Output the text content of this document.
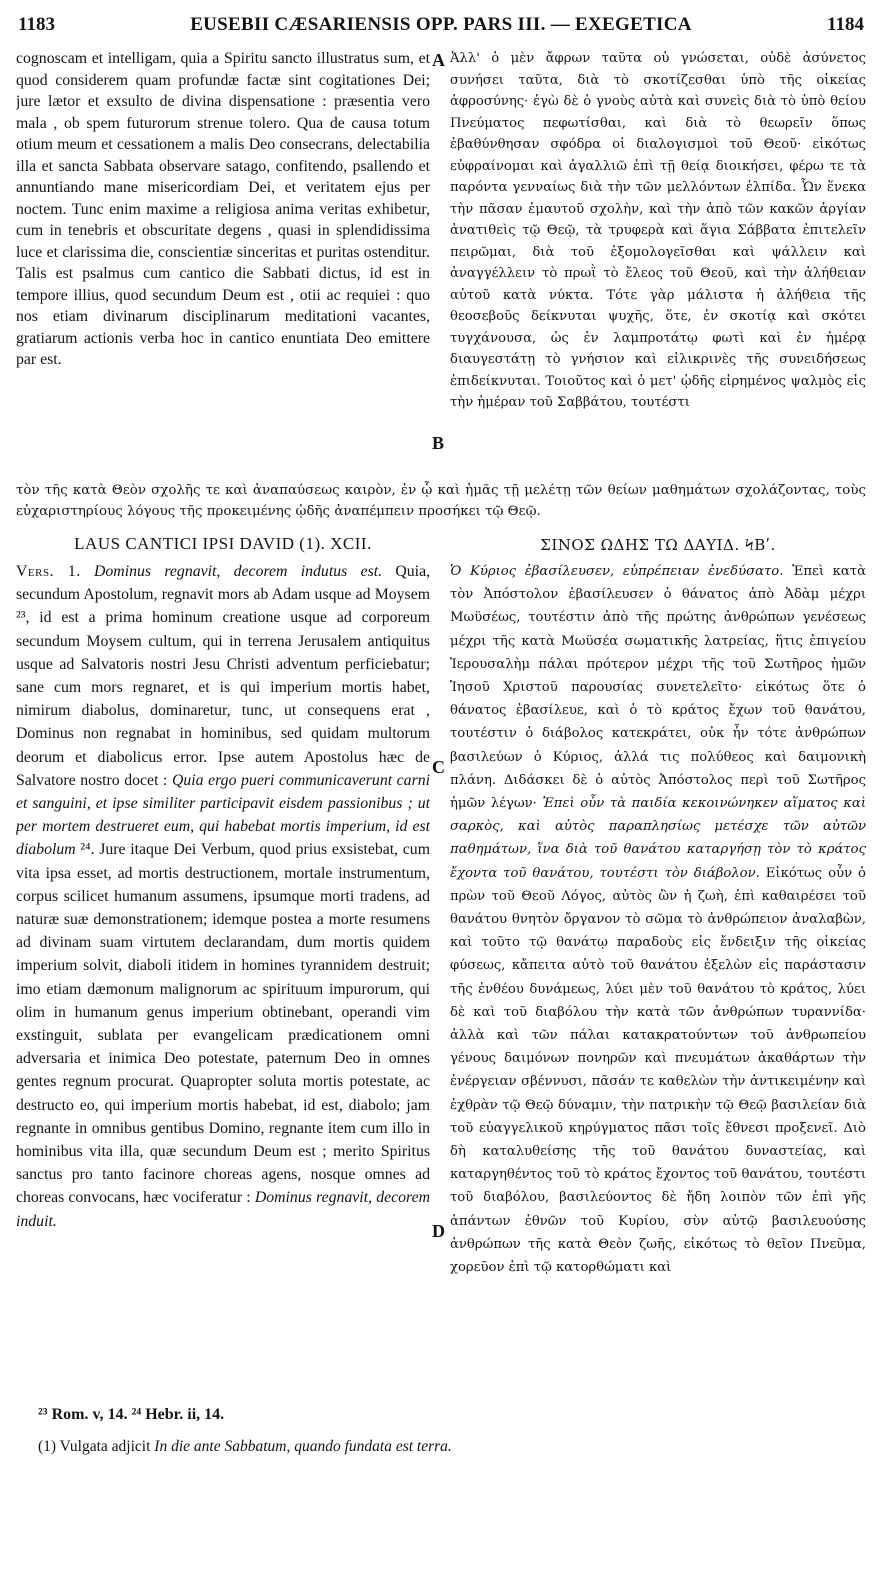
1183	EUSEBII CÆSARIENSIS OPP. PARS III. — EXEGETICA	1184
A
B
C
D

cognoscam et intelligam, quia a Spiritu sancto illustratus sum, et quod considerem quam profundæ factæ sint cogitationes Dei; jure lætor et exsulto de divina dispensatione : præsentia vero mala , ob spem futurorum strenue tolero. Qua de causa totum otium meum et cessationem a malis Deo consecrans, delectabilia illa et sancta Sabbata observare satago, confitendo, psallendo et annuntiando mane misericordiam Dei, et veritatem ejus per noctem. Tunc enim maxime a religiosa anima veritas exhibetur, cum in tenebris et obscuritate degens , quasi in splendidissima luce et clarissima die, conscientiæ sinceritas et puritas ostenditur. Talis est psalmus cum cantico die Sabbati dictus, id est in tempore illius, quod secundum Deum est , otii ac requiei : quo nos etiam divinarum disciplinarum meditationi vacantes, gratiarum actionis verba hoc in cantico enuntiata Deo emittere par est.

Ἀλλ' ὁ μὲν ἄφρων ταῦτα οὐ γνώσεται, οὐδὲ ἀσύνετος συνήσει ταῦτα, διὰ τὸ σκοτίζεσθαι ὑπὸ τῆς οἰκείας ἀφροσύνης· ἐγὼ δὲ ὁ γνοὺς αὐτὰ καὶ συνεὶς διὰ τὸ ὑπὸ θείου Πνεύματος πεφωτίσθαι, καὶ διὰ τὸ θεωρεῖν ὅπως ἐβαθύνθησαν σφόδρα οἱ διαλογισμοὶ τοῦ Θεοῦ· εἰκότως εὐφραίνομαι καὶ ἀγαλλιῶ ἐπὶ τῇ θείᾳ διοικήσει, φέρω τε τὰ παρόντα γενναίως διὰ τὴν τῶν μελλόντων ἐλπίδα. Ὧν ἕνεκα τὴν πᾶσαν ἐμαυτοῦ σχολὴν, καὶ τὴν ἀπὸ τῶν κακῶν ἀργίαν ἀνατιθεὶς τῷ Θεῷ, τὰ τρυφερὰ καὶ ἅγια Σάββατα ἐπιτελεῖν πειρῶμαι, διὰ τοῦ ἐξομολογεῖσθαι καὶ ψάλλειν καὶ ἀναγγέλλειν τὸ πρωῒ τὸ ἔλεος τοῦ Θεοῦ, καὶ τὴν ἀλήθειαν αὐτοῦ κατὰ νύκτα. Τότε γὰρ μάλιστα ἡ ἀλήθεια τῆς θεοσεβοῦς δείκνυται ψυχῆς, ὅτε, ἐν σκοτίᾳ καὶ σκότει τυγχάνουσα, ὡς ἐν λαμπροτάτῳ φωτὶ καὶ ἐν ἡμέρᾳ διαυγεστάτῃ τὸ γνήσιον καὶ εἰλικρινὲς τῆς συνειδήσεως ἐπιδείκνυται. Τοιοῦτος καὶ ὁ μετ' ᾠδῆς εἰρημένος ψαλμὸς εἰς τὴν ἡμέραν τοῦ Σαββάτου, τουτέστι

τὸν τῆς κατὰ Θεὸν σχολῆς τε καὶ ἀναπαύσεως καιρὸν, ἐν ᾧ καὶ ἡμᾶς τῇ μελέτῃ τῶν θείων μαθημάτων σχολάζοντας, τοὺς εὐχαριστηρίους λόγους τῆς προκειμένης ᾠδῆς ἀναπέμπειν προσήκει τῷ Θεῷ.
LAUS CANTICI IPSI DAVID (1). XCII.	ΣΙΝΟΣ ΩΔΗΣ ΤΩ ΔΑΥΙΔ. ϞΒʹ.

Vers. 1. Dominus regnavit, decorem indutus est. Quia, secundum Apostolum, regnavit mors ab Adam usque ad Moysem ²³, id est a prima hominum creatione usque ad corporeum secundum Moysem cultum, qui in terrena Jerusalem antiquitus usque ad Salvatoris nostri Jesu Christi adventum perficiebatur; sane cum mors regnaret, et is qui imperium mortis habet, nimirum diabolus, dominaretur, tunc, ut consequens erat , Dominus non regnabat in hominibus, sed quidam multorum deorum et diabolicus error. Ipse autem Apostolus hæc de Salvatore nostro docet : Quia ergo pueri communicaverunt carni et sanguini, et ipse similiter participavit eisdem passionibus ; ut per mortem destrueret eum, qui habebat mortis imperium, id est diabolum ²⁴. Jure itaque Dei Verbum, quod prius exsistebat, cum vita ipsa esset, ad mortis destructionem, mortale instrumentum, corpus scilicet humanum assumens, ipsumque morti tradens, ad naturæ suæ demonstrationem; idemque postea a morte resumens ad divinam suam virtutem declarandam, dum mortis quidem imperium solvit, diaboli itidem in homines tyrannidem destruit; imo etiam dæmonum malignorum ac spirituum impurorum, qui olim in humanum genus imperium obtinebant, operandi vim exstinguit, sublata per evangelicam prædicationem omni adversaria et inimica Deo potestate, paternum Deo in omnes gentes regnum procurat. Quapropter soluta mortis potestate, ac destructo eo, qui imperium mortis habebat, id est, diabolo; jam regnante in omnibus gentibus Domino, regnante item cum illo in hominibus vita illa, quæ secundum Deum est ; merito Spiritus sanctus pro tanto facinore choreas agens, nosque omnes ad choreas convocans, hæc vociferatur : Dominus regnavit, decorem induit.

Ὁ Κύριος ἐβασίλευσεν, εὐπρέπειαν ἐνεδύσατο. Ἐπεὶ κατὰ τὸν Ἀπόστολον ἐβασίλευσεν ὁ θάνατος ἀπὸ Ἀδὰμ μέχρι Μωϋσέως, τουτέστιν ἀπὸ τῆς πρώτης ἀνθρώπων γενέσεως μέχρι τῆς κατὰ Μωϋσέα σωματικῆς λατρείας, ἥτις ἐπιγείου Ἱερουσαλὴμ πάλαι πρότερον μέχρι τῆς τοῦ Σωτῆρος ἡμῶν Ἰησοῦ Χριστοῦ παρουσίας συνετελεῖτο· εἰκότως ὅτε ὁ θάνατος ἐβασίλευε, καὶ ὁ τὸ κράτος ἔχων τοῦ θανάτου, τουτέστιν ὁ διάβολος κατεκράτει, οὐκ ἦν τότε ἀνθρώπων βασιλεύων ὁ Κύριος, ἀλλά τις πολύθεος καὶ δαιμονικὴ πλάνη. Διδάσκει δὲ ὁ αὐτὸς Ἀπόστολος περὶ τοῦ Σωτῆρος ἡμῶν λέγων· Ἐπεὶ οὖν τὰ παιδία κεκοινώνηκεν αἵματος καὶ σαρκὸς, καὶ αὐτὸς παραπλησίως μετέσχε τῶν αὐτῶν παθημάτων, ἵνα διὰ τοῦ θανάτου καταργήσῃ τὸν τὸ κράτος ἔχοντα τοῦ θανάτου, τουτέστι τὸν διάβολον. Εἰκότως οὖν ὁ πρὼν τοῦ Θεοῦ Λόγος, αὐτὸς ὢν ἡ ζωὴ, ἐπὶ καθαιρέσει τοῦ θανάτου θνητὸν ὄργανον τὸ σῶμα τὸ ἀνθρώπειον ἀναλαβὼν, καὶ τοῦτο τῷ θανάτῳ παραδοὺς εἰς ἔνδειξιν τῆς οἰκείας φύσεως, κἄπειτα αὐτὸ τοῦ θανάτου ἐξελὼν εἰς παράστασιν τῆς ἐνθέου δυνάμεως, λύει μὲν τοῦ θανάτου τὸ κράτος, λύει δὲ καὶ τοῦ διαβόλου τὴν κατὰ τῶν ἀνθρώπων τυραννίδα· ἀλλὰ καὶ τῶν πάλαι κατακρατούντων τοῦ ἀνθρωπείου γένους δαιμόνων πονηρῶν καὶ πνευμάτων ἀκαθάρτων τὴν ἐνέργειαν σβέννυσι, πᾶσάν τε καθελὼν τὴν ἀντικειμένην καὶ ἐχθρὰν τῷ Θεῷ δύναμιν, τὴν πατρικὴν τῷ Θεῷ βασιλείαν διὰ τοῦ εὐαγγελικοῦ κηρύγματος πᾶσι τοῖς ἔθνεσι προξενεῖ. Διὸ δὴ καταλυθείσης τῆς τοῦ θανάτου δυναστείας, καὶ καταργηθέντος τοῦ τὸ κράτος ἔχοντος τοῦ θανάτου, τουτέστι τοῦ διαβόλου, βασιλεύοντος δὲ ἤδη λοιπὸν τῶν ἐπὶ γῆς ἁπάντων ἐθνῶν τοῦ Κυρίου, σὺν αὐτῷ βασιλευούσης ἀνθρώπων τῆς κατὰ Θεὸν ζωῆς, εἰκότως τὸ θεῖον Πνεῦμα, χορεῦον ἐπὶ τῷ κατορθώματι καὶ

²³ Rom. v, 14. ²⁴ Hebr. ii, 14.
(1) Vulgata adjicit In die ante Sabbatum, quando fundata est terra.
